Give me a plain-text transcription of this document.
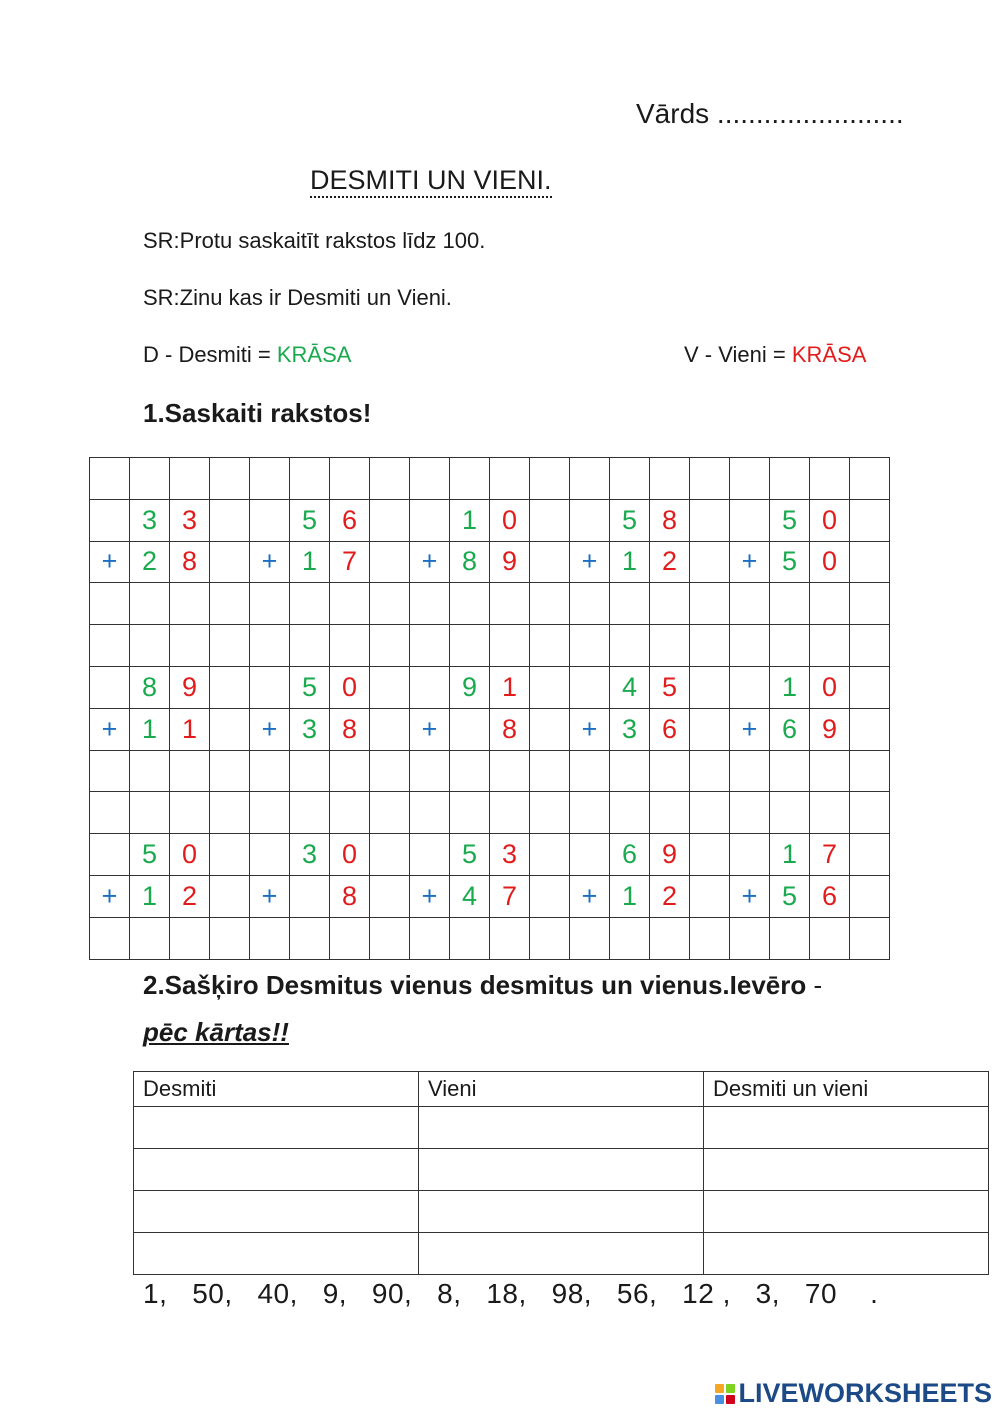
Vārds ........................
DESMITI UN VIENI.
SR:Protu saskaitīt rakstos līdz 100.
SR:Zinu kas ir Desmiti un Vieni.
D - Desmiti = KRĀSA	V - Vieni = KRĀSA
1.Saskaiti rakstos!

	3	3			5	6			1	0			5	8			5	0	
+	2	8		+	1	7		+	8	9		+	1	2		+	5	0	

	8	9			5	0			9	1			4	5			1	0	
+	1	1		+	3	8		+		8		+	3	6		+	6	9	

	5	0			3	0			5	3			6	9			1	7	
+	1	2		+		8		+	4	7		+	1	2		+	5	6	

2.Sašķiro Desmitus vienus desmitus un vienus.Ievēro -
pēc kārtas!!
Desmiti	Vieni	Desmiti un vieni

1,   50,   40,   9,   90,   8,   18,   98,   56,   12 ,   3,   70    .
LIVEWORKSHEETS
